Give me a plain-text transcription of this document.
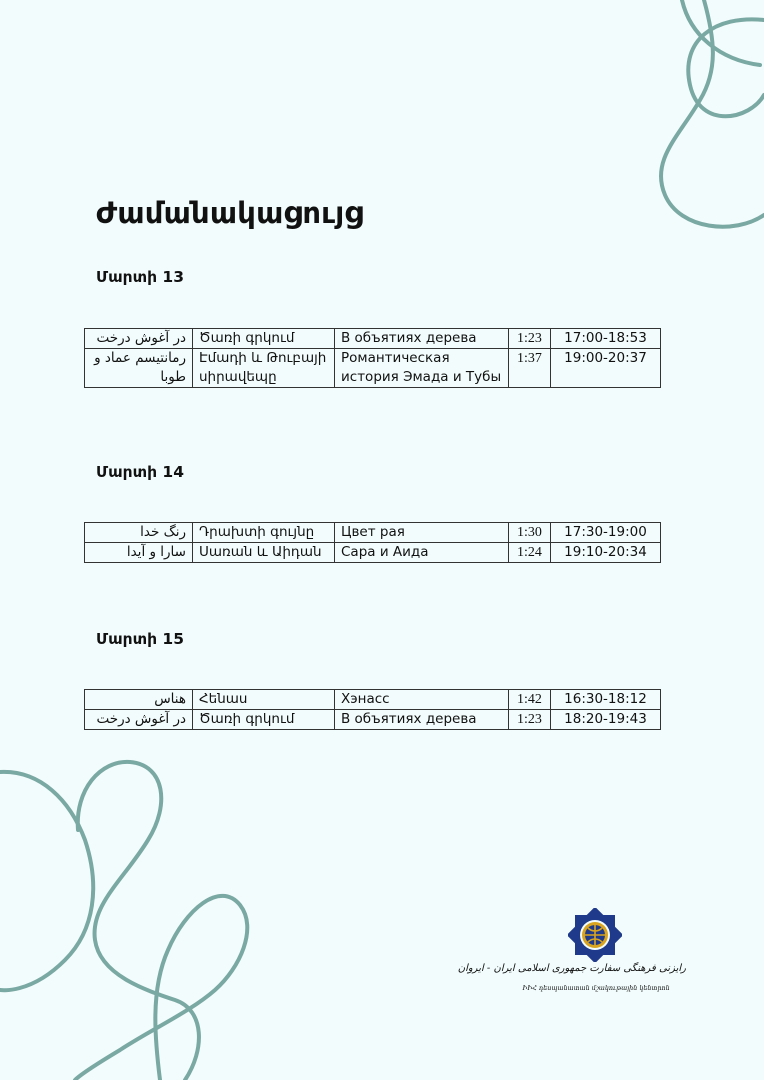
Ժամանակացույց
Մարտի 13
در آغوش درخت	Ծառի գրկում	В объятиях дерева	1:23	17:00-18:53
رمانتیسم عماد و طوبا	Էմադի և Թուբայի սիրավեպը	Романтическая история Эмада и Тубы	1:37	19:00-20:37
Մարտի 14
رنگ خدا	Դրախտի գույնը	Цвет рая	1:30	17:30-19:00
سارا و آیدا	Սառան և Աիդան	Сара и Аида	1:24	19:10-20:34
Մարտի 15
هناس	Հենաս	Хэнасс	1:42	16:30-18:12
در آغوش درخت	Ծառի գրկում	В объятиях дерева	1:23	18:20-19:43
رایزنی فرهنگی سفارت جمهوری اسلامی ایران - ایروان
ԻԻՀ դեսպանատան մշակութային կենտրոն
